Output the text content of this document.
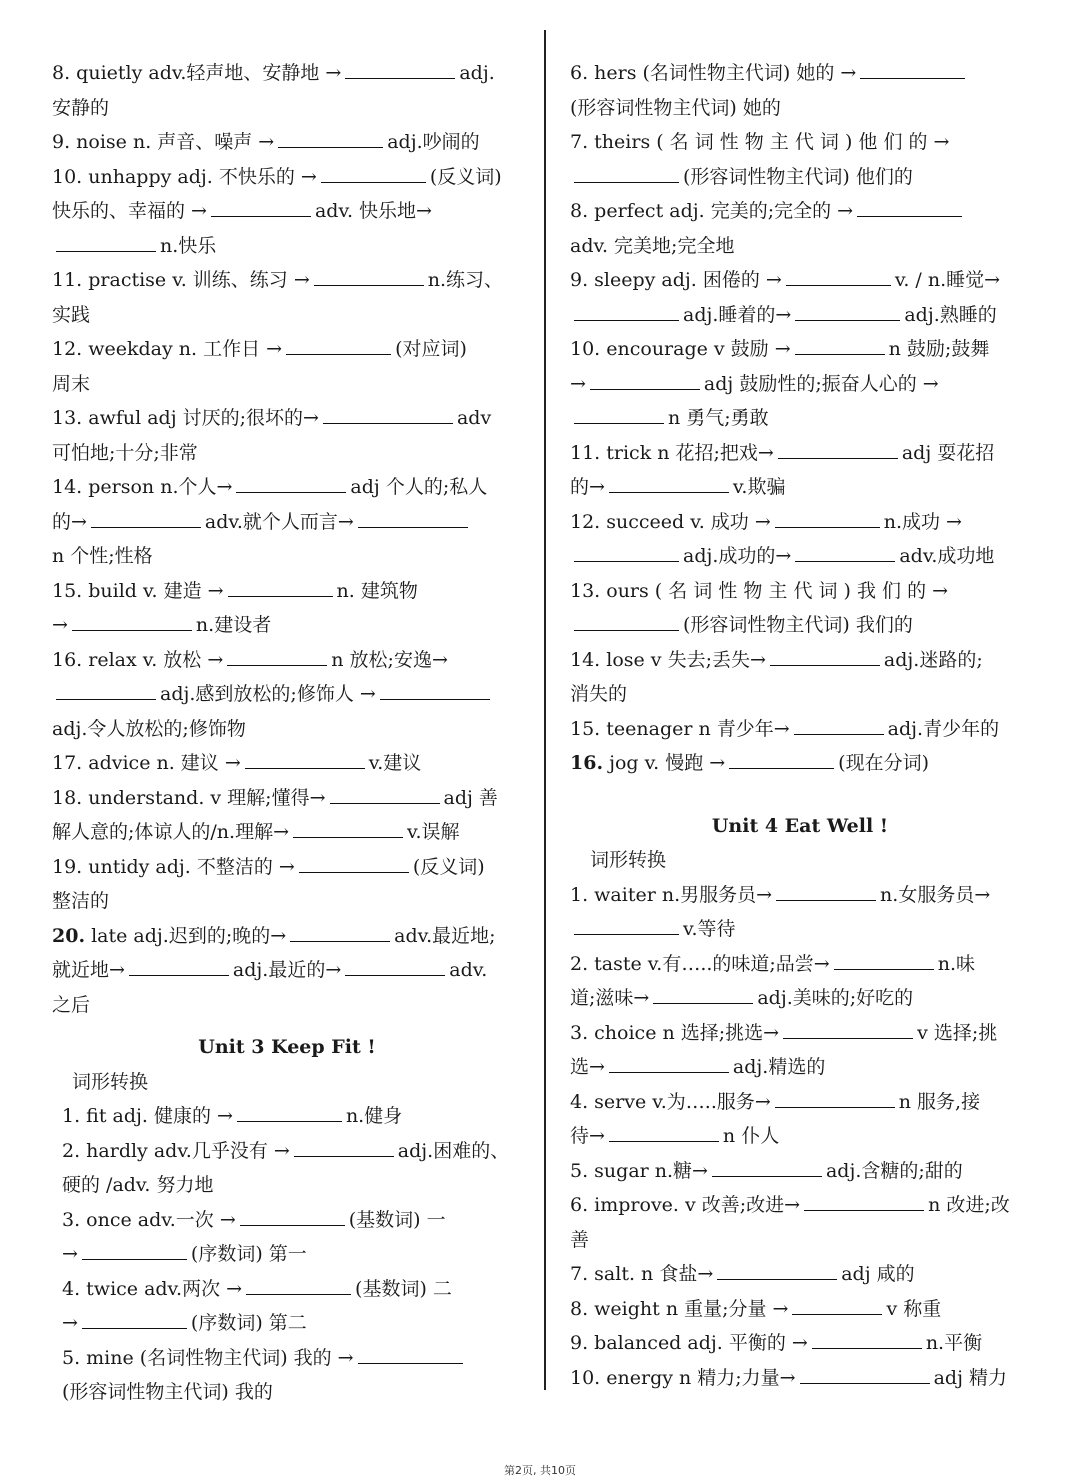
8. quietly adv.轻声地、安静地 →	adj.
安静的
9. noise n. 声音、噪声 →	adj.吵闹的
10. unhappy adj. 不快乐的 →	(反义词)
快乐的、幸福的 →	adv. 快乐地→
n.快乐
11. practise v. 训练、练习 →	n.练习、
实践
12. weekday n. 工作日 →	(对应词)
周末
13. awful adj 讨厌的;很坏的→	adv
可怕地;十分;非常
14. person n.个人→	adj 个人的;私人
的→	adv.就个人而言→
n 个性;性格
15. build v. 建造 →	n. 建筑物
→	n.建设者
16. relax v. 放松 →	n 放松;安逸→
adj.感到放松的;修饰人 →
adj.令人放松的;修饰物
17. advice n. 建议 →	v.建议
18. understand. v 理解;懂得→	adj 善
解人意的;体谅人的/n.理解→	v.误解
19. untidy adj. 不整洁的 →	(反义词)
整洁的
20. late adj.迟到的;晚的→	adv.最近地;
就近地→	adj.最近的→	adv.
之后
Unit 3 Keep Fit !
词形转换
1. fit adj. 健康的 →	n.健身
2. hardly adv.几乎没有 →	adj.困难的、
硬的 /adv. 努力地
3. once adv.一次 →	(基数词) 一
→	(序数词) 第一
4. twice adv.两次 →	(基数词) 二
→	(序数词) 第二
5. mine (名词性物主代词) 我的 →
(形容词性物主代词) 我的
6. hers (名词性物主代词) 她的 →
(形容词性物主代词) 她的
7. theirs ( 名 词 性 物 主 代 词 ) 他 们 的 →
(形容词性物主代词) 他们的
8. perfect adj. 完美的;完全的 →
adv. 完美地;完全地
9. sleepy adj. 困倦的 →	v. / n.睡觉→
adj.睡着的→	adj.熟睡的
10. encourage v 鼓励 →	n 鼓励;鼓舞
→	adj 鼓励性的;振奋人心的 →
n 勇气;勇敢
11. trick n 花招;把戏→	adj 耍花招
的→	v.欺骗
12. succeed v. 成功 →	n.成功 →
adj.成功的→	adv.成功地
13. ours ( 名 词 性 物 主 代 词 ) 我 们 的 →
(形容词性物主代词) 我们的
14. lose v 失去;丢失→	adj.迷路的;
消失的
15. teenager n 青少年→	adj.青少年的
16. jog v. 慢跑 →	(现在分词)
Unit 4 Eat Well !
词形转换
1. waiter n.男服务员→	n.女服务员→
v.等待
2. taste v.有…..的味道;品尝→	n.味
道;滋味→	adj.美味的;好吃的
3. choice n 选择;挑选→	v 选择;挑
选→	adj.精选的
4. serve v.为…..服务→	n 服务,接
待→	n 仆人
5. sugar n.糖→	adj.含糖的;甜的
6. improve. v 改善;改进→	n 改进;改
善
7. salt. n 食盐→	adj 咸的
8. weight n 重量;分量 →	v 称重
9. balanced adj. 平衡的 →	n.平衡
10. energy n 精力;力量→	adj 精力
第2页, 共10页
